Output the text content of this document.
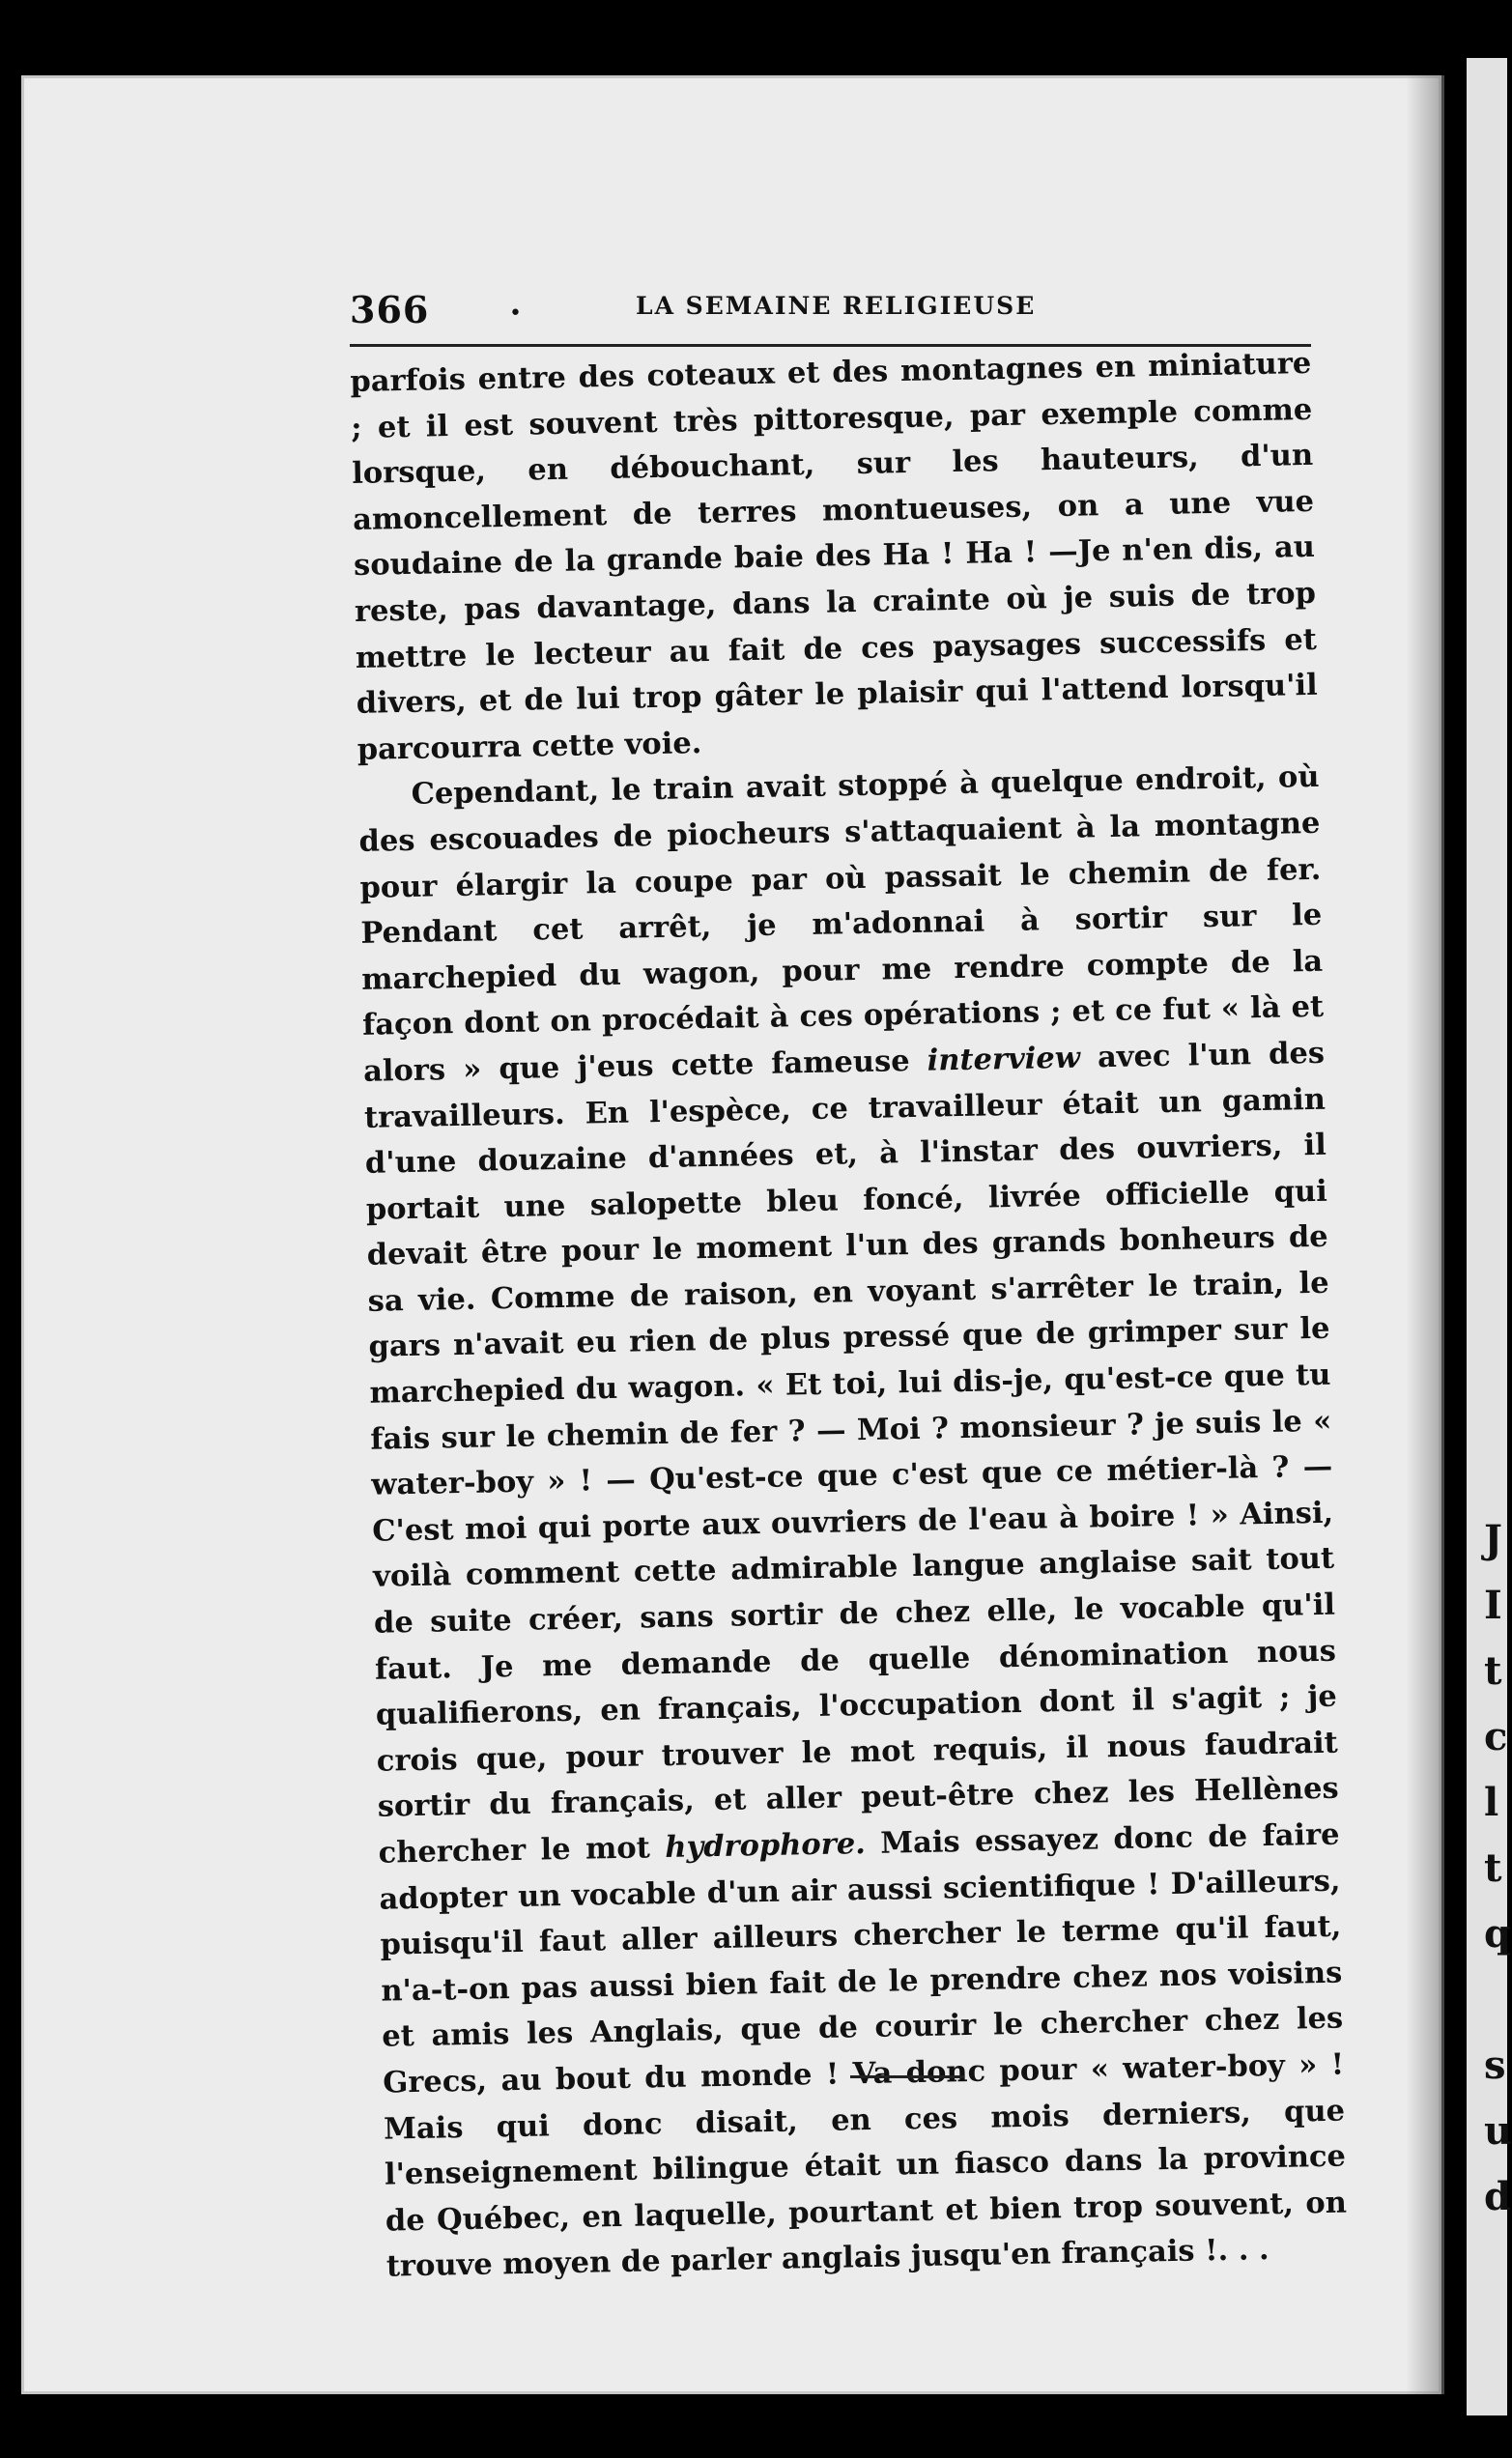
J
I
t
c
l
t
q

s
u
d
366	•	LA SEMAINE RELIGIEUSE

parfois entre des coteaux et des montagnes en miniature ; et il est souvent très pittoresque, par exemple comme lorsque, en débouchant, sur les hauteurs, d'un amoncellement de terres montueuses, on a une vue soudaine de la grande baie des Ha ! Ha ! —Je n'en dis, au reste, pas davantage, dans la crainte où je suis de trop mettre le lecteur au fait de ces paysages successifs et divers, et de lui trop gâter le plaisir qui l'attend lorsqu'il parcourra cette voie.

Cependant, le train avait stoppé à quelque endroit, où des escouades de piocheurs s'attaquaient à la montagne pour élargir la coupe par où passait le chemin de fer. Pendant cet arrêt, je m'adonnai à sortir sur le marchepied du wagon, pour me rendre compte de la façon dont on procédait à ces opérations ; et ce fut « là et alors » que j'eus cette fameuse interview avec l'un des travailleurs. En l'espèce, ce travailleur était un gamin d'une douzaine d'années et, à l'instar des ouvriers, il portait une salopette bleu foncé, livrée officielle qui devait être pour le moment l'un des grands bonheurs de sa vie. Comme de raison, en voyant s'arrêter le train, le gars n'avait eu rien de plus pressé que de grimper sur le marchepied du wagon. « Et toi, lui dis-je, qu'est-ce que tu fais sur le chemin de fer ? — Moi ? monsieur ? je suis le « water-boy » ! — Qu'est-ce que c'est que ce métier-là ? — C'est moi qui porte aux ouvriers de l'eau à boire ! » Ainsi, voilà comment cette admirable langue anglaise sait tout de suite créer, sans sortir de chez elle, le vocable qu'il faut. Je me demande de quelle dénomination nous qualifierons, en français, l'occupation dont il s'agit ; je crois que, pour trouver le mot requis, il nous faudrait sortir du français, et aller peut-être chez les Hellènes chercher le mot hydrophore. Mais essayez donc de faire adopter un vocable d'un air aussi scientifique ! D'ailleurs, puisqu'il faut aller ailleurs chercher le terme qu'il faut, n'a-t-on pas aussi bien fait de le prendre chez nos voisins et amis les Anglais, que de courir le chercher chez les Grecs, au bout du monde ! Va donc pour « water-boy » ! Mais qui donc disait, en ces mois derniers, que l'enseignement bilingue était un fiasco dans la province de Québec, en laquelle, pourtant et bien trop souvent, on trouve moyen de parler anglais jusqu'en français !. . .
